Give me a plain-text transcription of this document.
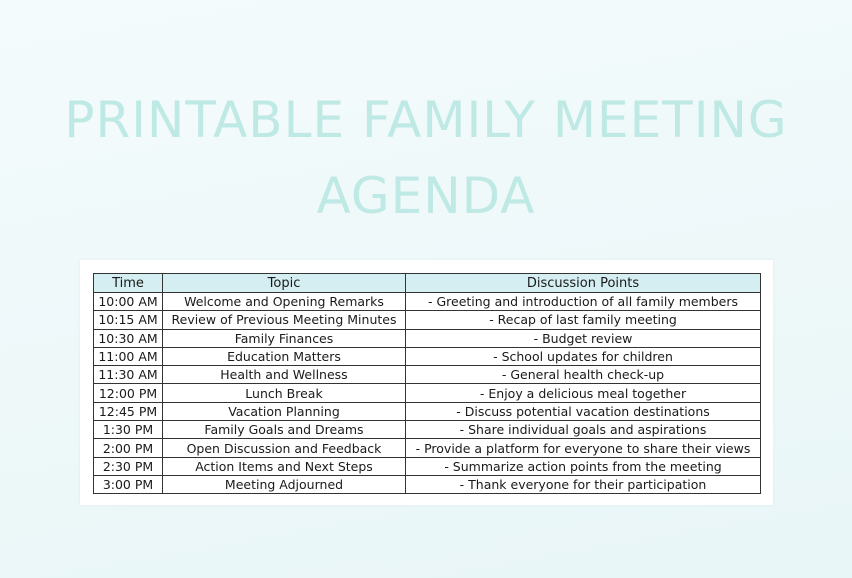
PRINTABLE FAMILY MEETING AGENDA
Time	Topic	Discussion Points
10:00 AM	Welcome and Opening Remarks	- Greeting and introduction of all family members
10:15 AM	Review of Previous Meeting Minutes	- Recap of last family meeting
10:30 AM	Family Finances	- Budget review
11:00 AM	Education Matters	- School updates for children
11:30 AM	Health and Wellness	- General health check-up
12:00 PM	Lunch Break	- Enjoy a delicious meal together
12:45 PM	Vacation Planning	- Discuss potential vacation destinations
1:30 PM	Family Goals and Dreams	- Share individual goals and aspirations
2:00 PM	Open Discussion and Feedback	- Provide a platform for everyone to share their views
2:30 PM	Action Items and Next Steps	- Summarize action points from the meeting
3:00 PM	Meeting Adjourned	- Thank everyone for their participation
